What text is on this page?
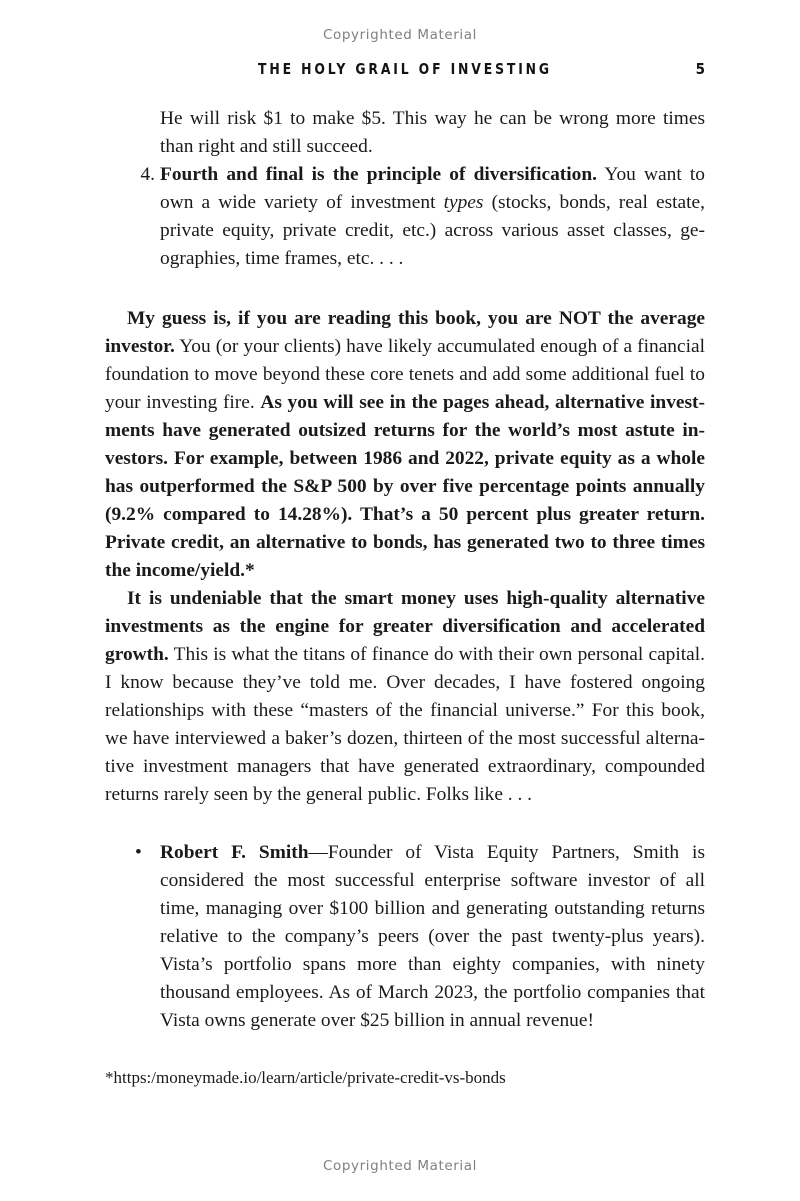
Copyrighted Material
THE HOLY GRAIL OF INVESTING	5

He will risk $1 to make $5. This way he can be wrong more times than right and still succeed.

4. Fourth and final is the principle of diversification. You want to own a wide variety of investment types (stocks, bonds, real estate, private equity, private credit, etc.) across various asset classes, geographies, time frames, etc. . . .

My guess is, if you are reading this book, you are NOT the average investor. You (or your clients) have likely accumulated enough of a financial foundation to move beyond these core tenets and add some additional fuel to your investing fire. As you will see in the pages ahead, alternative investments have generated outsized returns for the world’s most astute investors. For example, between 1986 and 2022, private equity as a whole has outperformed the S&P 500 by over five percentage points annually (9.2% compared to 14.28%). That’s a 50 percent plus greater return. Private credit, an alternative to bonds, has generated two to three times the income/yield.*

It is undeniable that the smart money uses high-quality alternative investments as the engine for greater diversification and accelerated growth. This is what the titans of finance do with their own personal capital. I know because they’ve told me. Over decades, I have fostered ongoing relationships with these “masters of the financial universe.” For this book, we have interviewed a baker’s dozen, thirteen of the most successful alternative investment managers that have generated extraordinary, compounded returns rarely seen by the general public. Folks like . . .

• Robert F. Smith—Founder of Vista Equity Partners, Smith is considered the most successful enterprise software investor of all time, managing over $100 billion and generating outstanding returns relative to the company’s peers (over the past twenty-plus years). Vista’s portfolio spans more than eighty companies, with ninety thousand employees. As of March 2023, the portfolio companies that Vista owns generate over $25 billion in annual revenue!

*https:/moneymade.io/learn/article/private-credit-vs-bonds
Copyrighted Material
